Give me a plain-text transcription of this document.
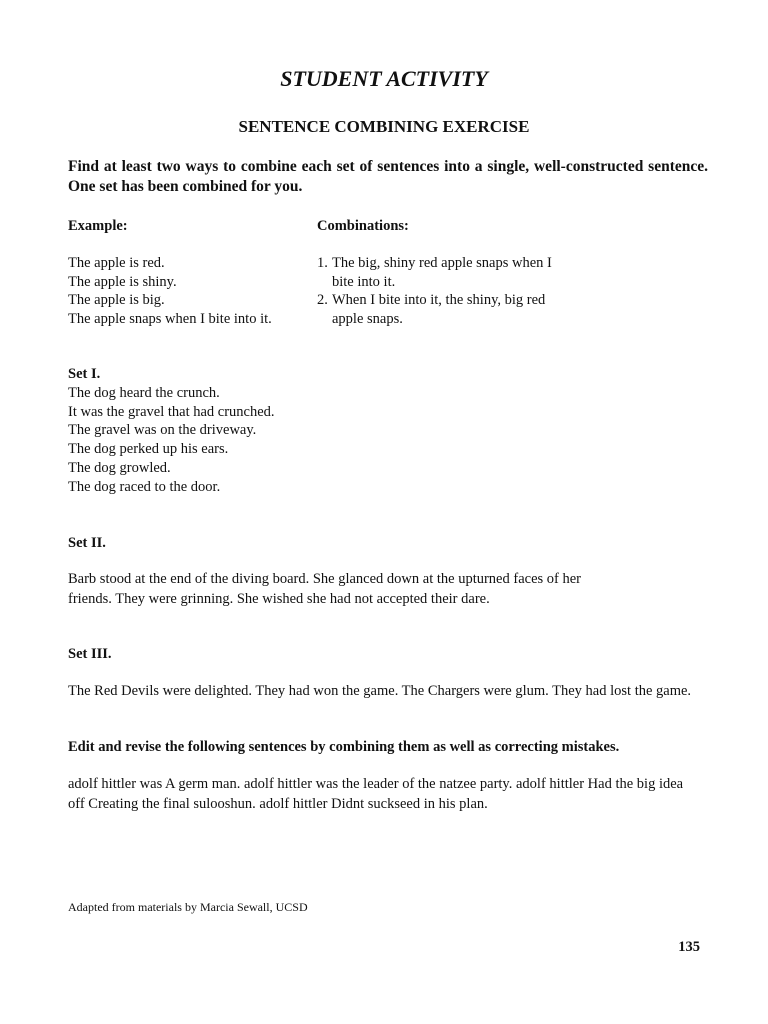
STUDENT ACTIVITY
SENTENCE COMBINING EXERCISE
Find at least two ways to combine each set of sentences into a single, well-constructed sentence. One set has been combined for you.
Example:
The apple is red.
The apple is shiny.
The apple is big.
The apple snaps when I bite into it.
Combinations:
1. The big, shiny red apple snaps when I
bite into it.
2. When I bite into it, the shiny, big red
apple snaps.
Set I.
The dog heard the crunch.
It was the gravel that had crunched.
The gravel was on the driveway.
The dog perked up his ears.
The dog growled.
The dog raced to the door.
Set II.
Barb stood at the end of the diving board. She glanced down at the upturned faces of her
friends. They were grinning. She wished she had not accepted their dare.
Set III.
The Red Devils were delighted. They had won the game. The Chargers were glum. They had lost the game.
Edit and revise the following sentences by combining them as well as correcting mistakes.
adolf hittler was A germ man. adolf hittler was the leader of the natzee party. adolf hittler Had the big idea
off Creating the final sulooshun. adolf hittler Didnt suckseed in his plan.
Adapted from materials by Marcia Sewall, UCSD
135
